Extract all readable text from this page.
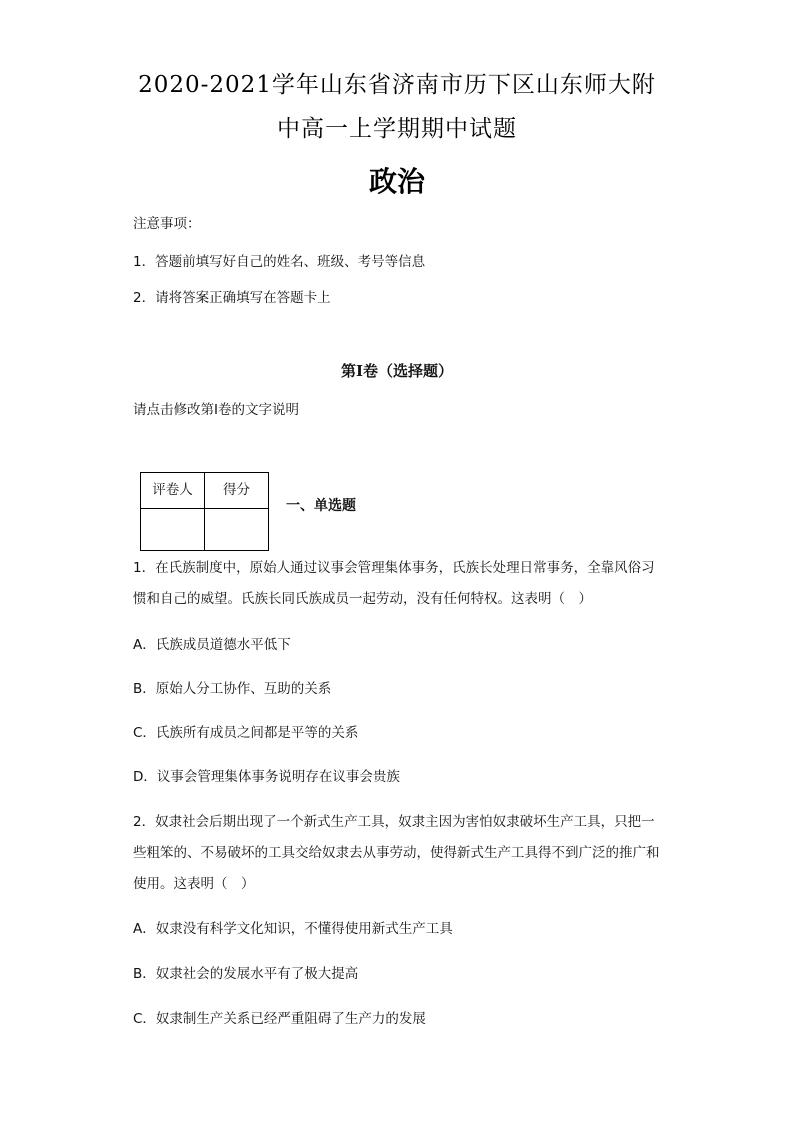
2020-2021学年山东省济南市历下区山东师大附
中高一上学期期中试题
政治
注意事项：
1．答题前填写好自己的姓名、班级、考号等信息
2．请将答案正确填写在答题卡上
第I卷（选择题）
请点击修改第I卷的文字说明
评卷人	得分

一、单选题
1．在氏族制度中，原始人通过议事会管理集体事务，氏族长处理日常事务，全靠风俗习惯和自己的威望。氏族长同氏族成员一起劳动，没有任何特权。这表明（　）
A．氏族成员道德水平低下
B．原始人分工协作、互助的关系
C．氏族所有成员之间都是平等的关系
D．议事会管理集体事务说明存在议事会贵族
2．奴隶社会后期出现了一个新式生产工具，奴隶主因为害怕奴隶破坏生产工具，只把一些粗笨的、不易破坏的工具交给奴隶去从事劳动，使得新式生产工具得不到广泛的推广和使用。这表明（　）
A．奴隶没有科学文化知识，不懂得使用新式生产工具
B．奴隶社会的发展水平有了极大提高
C．奴隶制生产关系已经严重阻碍了生产力的发展
